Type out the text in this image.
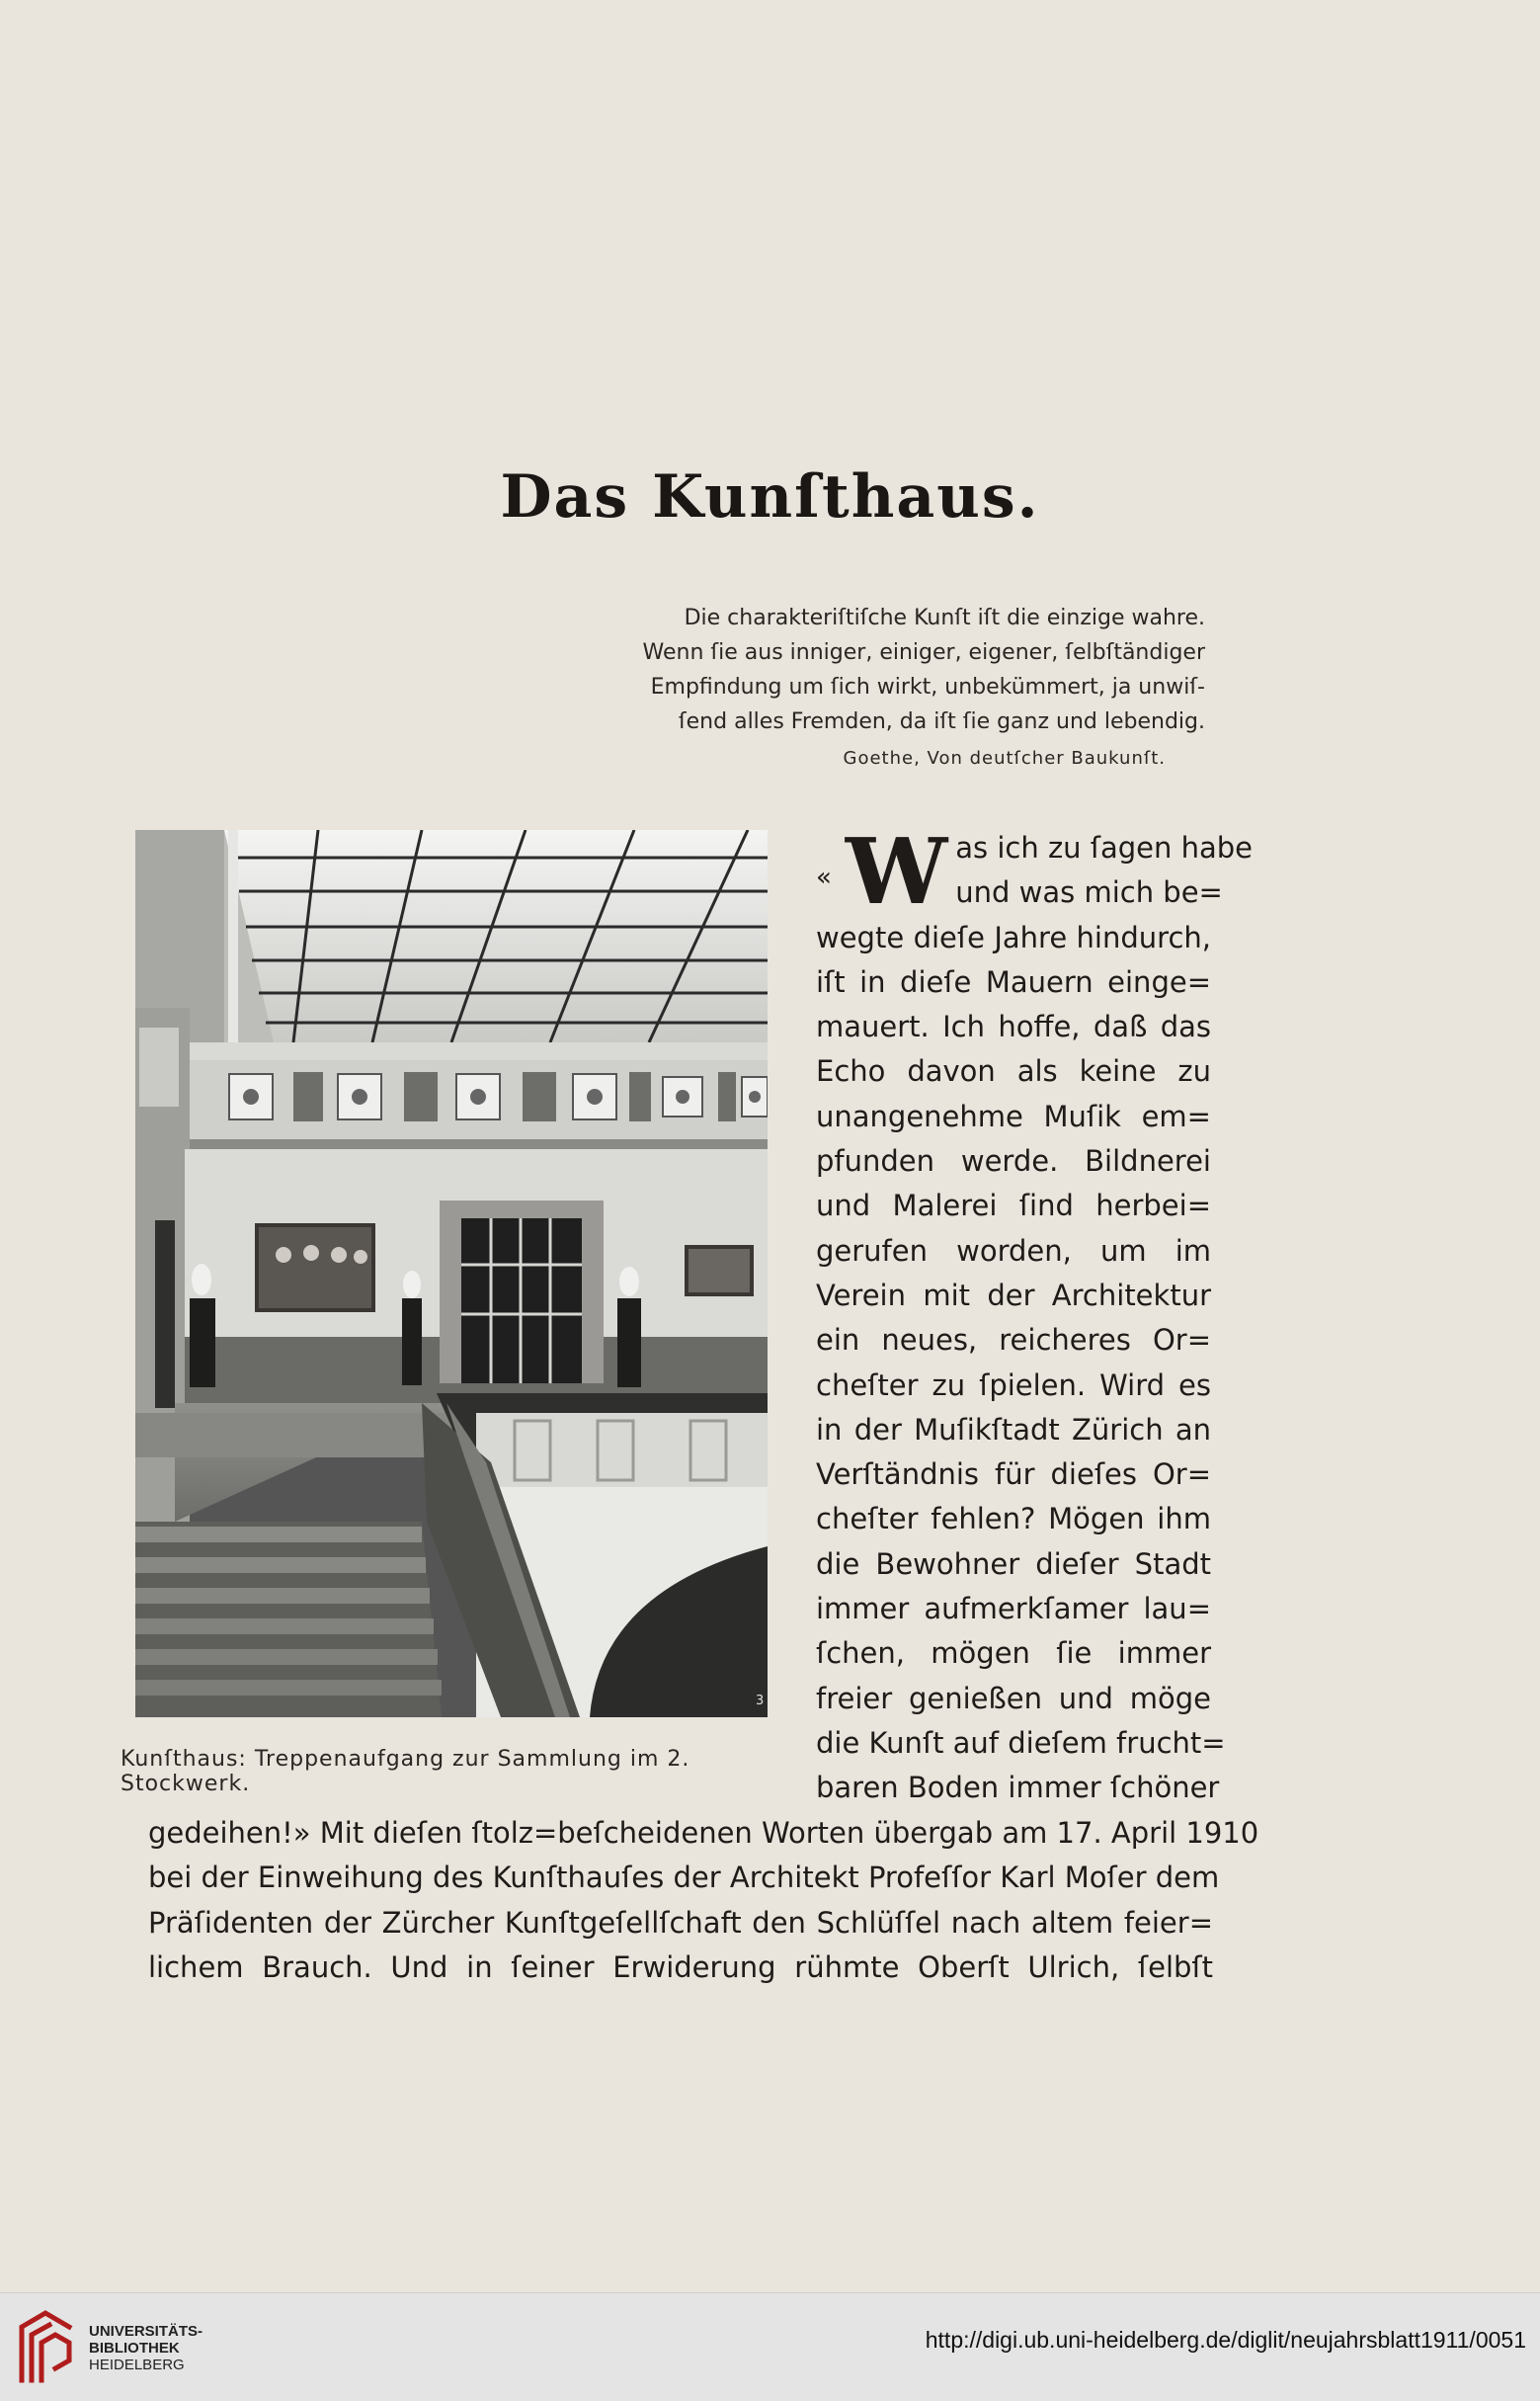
Das Kunſthaus.
Die charakteriſtiſche Kunſt iſt die einzige wahre.
Wenn ſie aus inniger, einiger, eigener, ſelbſtändiger
Empfindung um ſich wirkt, unbekümmert, ja unwiſ-
ſend alles Fremden, da iſt ſie ganz und lebendig.
Goethe, Von deutſcher Baukunſt.
3
Kunſthaus: Treppenaufgang zur Sammlung im 2. Stockwerk.
« W as ich zu ſagen habe
und was mich be=
wegte dieſe Jahre hindurch,
iſt in dieſe Mauern einge=
mauert. Ich hoffe, daß das
Echo davon als keine zu
unangenehme Muſik em=
pfunden werde. Bildnerei
und Malerei ſind herbei=
gerufen worden, um im
Verein mit der Architektur
ein neues, reicheres Or=
cheſter zu ſpielen. Wird es
in der Muſikſtadt Zürich an
Verſtändnis für dieſes Or=
cheſter fehlen? Mögen ihm
die Bewohner dieſer Stadt
immer aufmerkſamer lau=
ſchen, mögen ſie immer
freier genießen und möge
die Kunſt auf dieſem frucht=
baren Boden immer ſchöner
gedeihen!» Mit dieſen ſtolz=beſcheidenen Worten übergab am 17. April 1910
bei der Einweihung des Kunſthauſes der Architekt Profeſſor Karl Moſer dem
Präſidenten der Zürcher Kunſtgeſellſchaft den Schlüſſel nach altem feier=
lichem Brauch. Und in ſeiner Erwiderung rühmte Oberſt Ulrich, ſelbſt
UNIVERSITÄTS-
BIBLIOTHEK
HEIDELBERG
http://digi.ub.uni-heidelberg.de/diglit/neujahrsblatt1911/0051
